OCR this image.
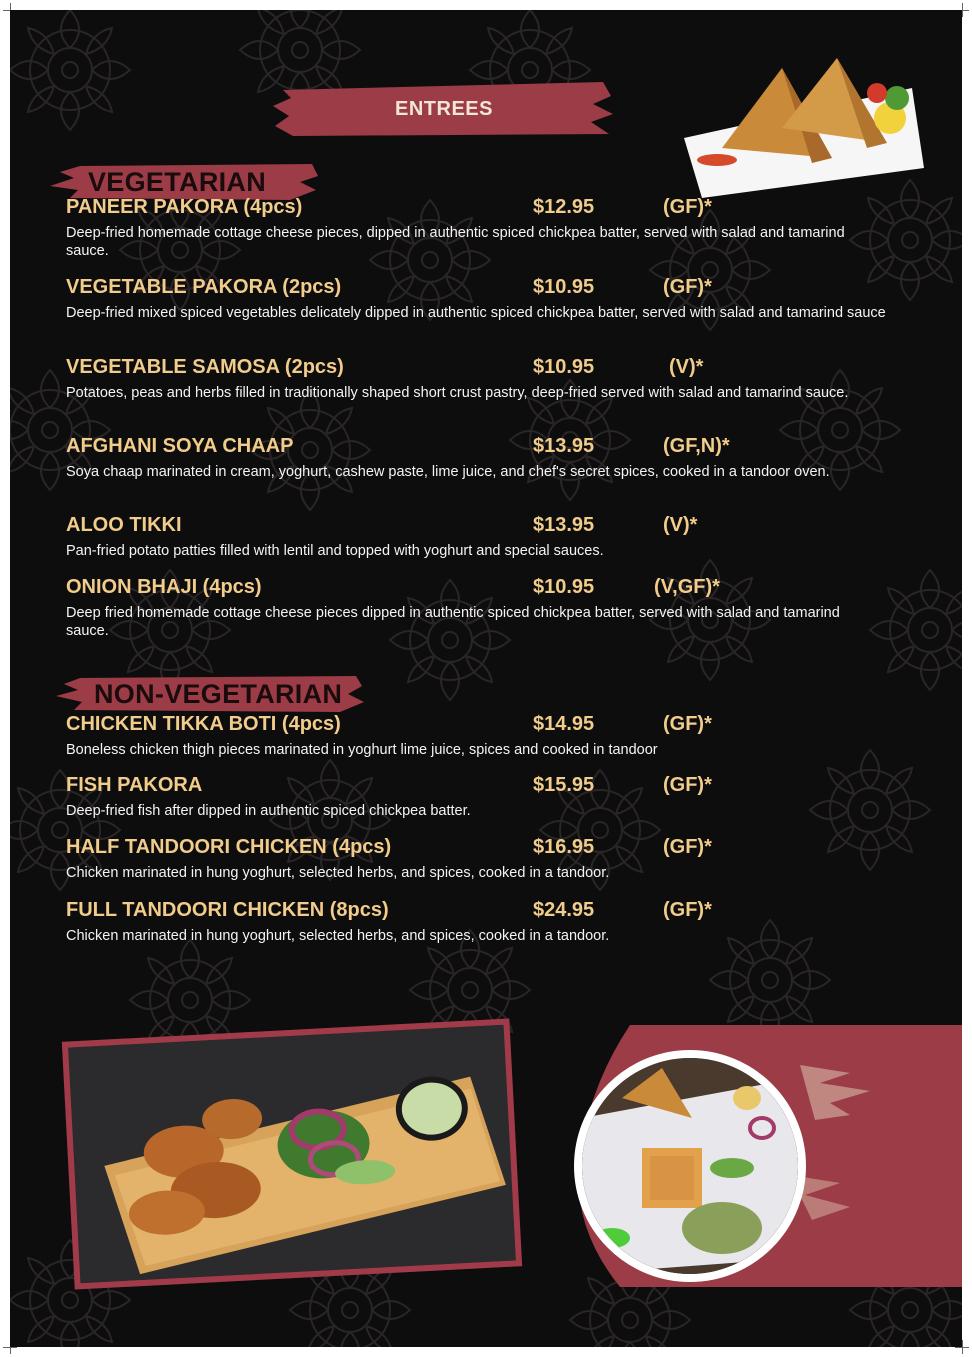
ENTREES
VEGETARIAN
PANEER PAKORA (4pcs)	$12.95	(GF)*
Deep-fried homemade cottage cheese pieces, dipped in authentic spiced chickpea batter, served with salad and tamarind sauce.
VEGETABLE PAKORA (2pcs)	$10.95	(GF)*
Deep-fried mixed spiced vegetables delicately dipped in authentic spiced chickpea batter, served with salad and tamarind sauce
VEGETABLE SAMOSA (2pcs)	$10.95	(V)*
Potatoes, peas and herbs filled in traditionally shaped short crust pastry, deep-fried served with salad and tamarind sauce.
AFGHANI SOYA CHAAP	$13.95	(GF,N)*
Soya chaap marinated in cream, yoghurt, cashew paste, lime juice, and chef's secret spices, cooked in a tandoor oven.
ALOO TIKKI	$13.95	(V)*
Pan-fried potato patties filled with lentil and topped with yoghurt and special sauces.
ONION BHAJI (4pcs)	$10.95	(V,GF)*
Deep fried homemade cottage cheese pieces dipped in authentic spiced chickpea batter, served with salad and tamarind sauce.
NON-VEGETARIAN
CHICKEN TIKKA BOTI (4pcs)	$14.95	(GF)*
Boneless chicken thigh pieces marinated in yoghurt lime juice, spices and cooked in tandoor
FISH PAKORA	$15.95	(GF)*
Deep-fried fish after dipped in authentic spiced chickpea batter.
HALF TANDOORI CHICKEN (4pcs)	$16.95	(GF)*
Chicken marinated in hung yoghurt, selected herbs, and spices, cooked in a tandoor.
FULL TANDOORI CHICKEN (8pcs)	$24.95	(GF)*
Chicken marinated in hung yoghurt, selected herbs, and spices, cooked in a tandoor.
